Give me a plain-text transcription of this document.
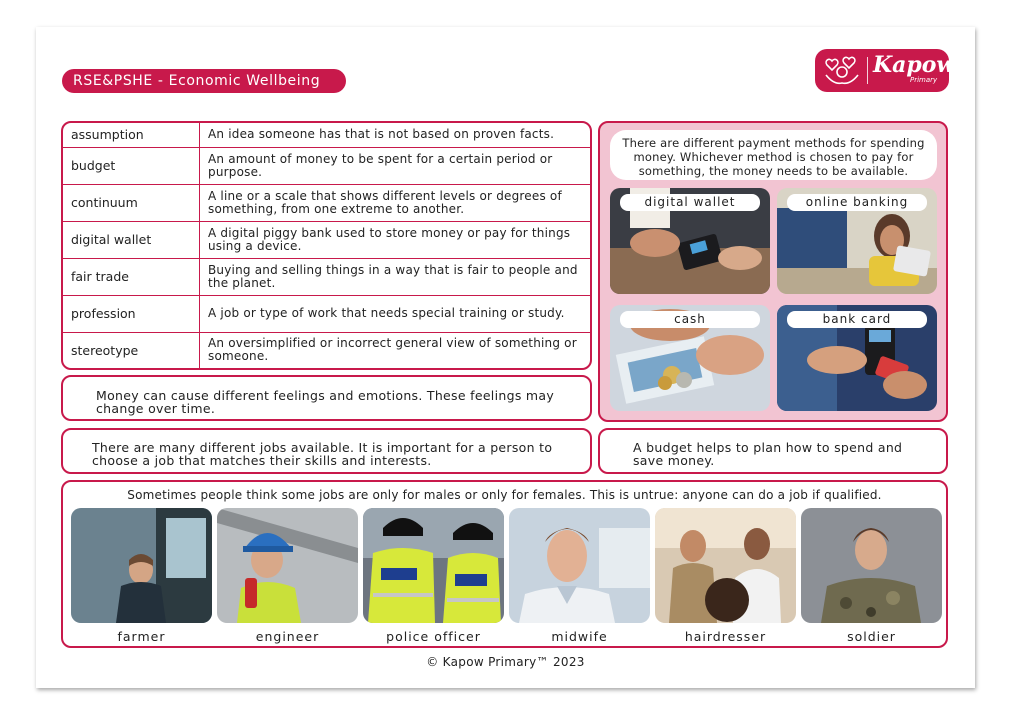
RSE&PSHE - Economic Wellbeing
Kapow
Primary
assumption	An idea someone has that is not based on proven facts.
budget	An amount of money to be spent for a certain period or purpose.
continuum	A line or a scale that shows different levels or degrees of something, from one extreme to another.
digital wallet	A digital piggy bank used to store money or pay for things using a device.
fair trade	Buying and selling things in a way that is fair to people and the planet.
profession	A job or type of work that needs special training or study.
stereotype	An oversimplified or incorrect general view of something or someone.
Money can cause different feelings and emotions. These feelings may change over time.
There are many different jobs available. It is important for a person to choose a job that matches their skills and interests.
A budget helps to plan how to spend and save money.
There are different payment methods for spending money. Whichever method is chosen to pay for something, the money needs to be available.
digital wallet	online banking
cash	bank card
Sometimes people think some jobs are only for males or only for females. This is untrue: anyone can do a job if qualified.
farmer	engineer	police officer	midwife	hairdresser	soldier
© Kapow Primary™ 2023
